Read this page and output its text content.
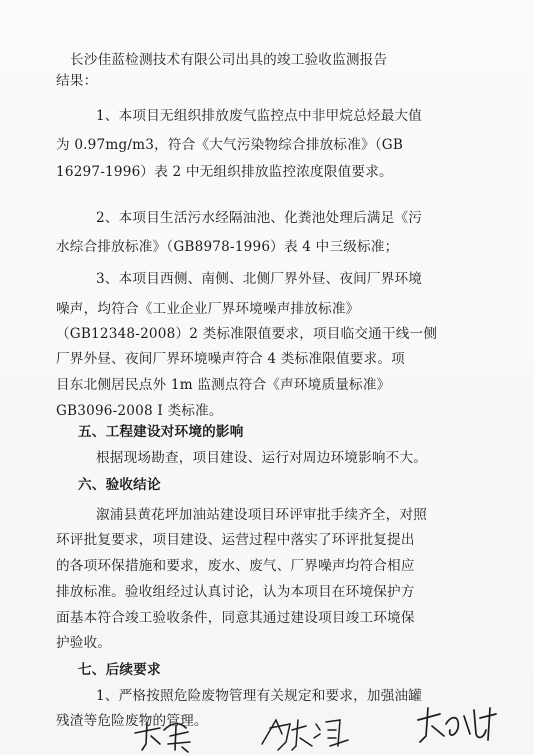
长沙佳蓝检测技术有限公司出具的竣工验收监测报告
结果：
1、本项目无组织排放废气监控点中非甲烷总烃最大值
为 0.97mg/m3，符合《大气污染物综合排放标准》（GB
16297-1996）表 2 中无组织排放监控浓度限值要求。
2、本项目生活污水经隔油池、化粪池处理后满足《污
水综合排放标准》（GB8978-1996）表 4 中三级标准；
3、本项目西侧、南侧、北侧厂界外昼、夜间厂界环境
噪声，均符合《工业企业厂界环境噪声排放标准》
（GB12348-2008）2 类标准限值要求，项目临交通干线一侧
厂界外昼、夜间厂界环境噪声符合 4 类标准限值要求。项
目东北侧居民点外 1m 监测点符合《声环境质量标准》
GB3096-2008 I 类标准。
五、工程建设对环境的影响
根据现场勘查，项目建设、运行对周边环境影响不大。
六、验收结论
溆浦县黄花坪加油站建设项目环评审批手续齐全，对照
环评批复要求，项目建设、运营过程中落实了环评批复提出
的各项环保措施和要求，废水、废气、厂界噪声均符合相应
排放标准。验收组经过认真讨论，认为本项目在环境保护方
面基本符合竣工验收条件，同意其通过建设项目竣工环境保
护验收。
七、后续要求
1、严格按照危险废物管理有关规定和要求，加强油罐
残渣等危险废物的管理。
